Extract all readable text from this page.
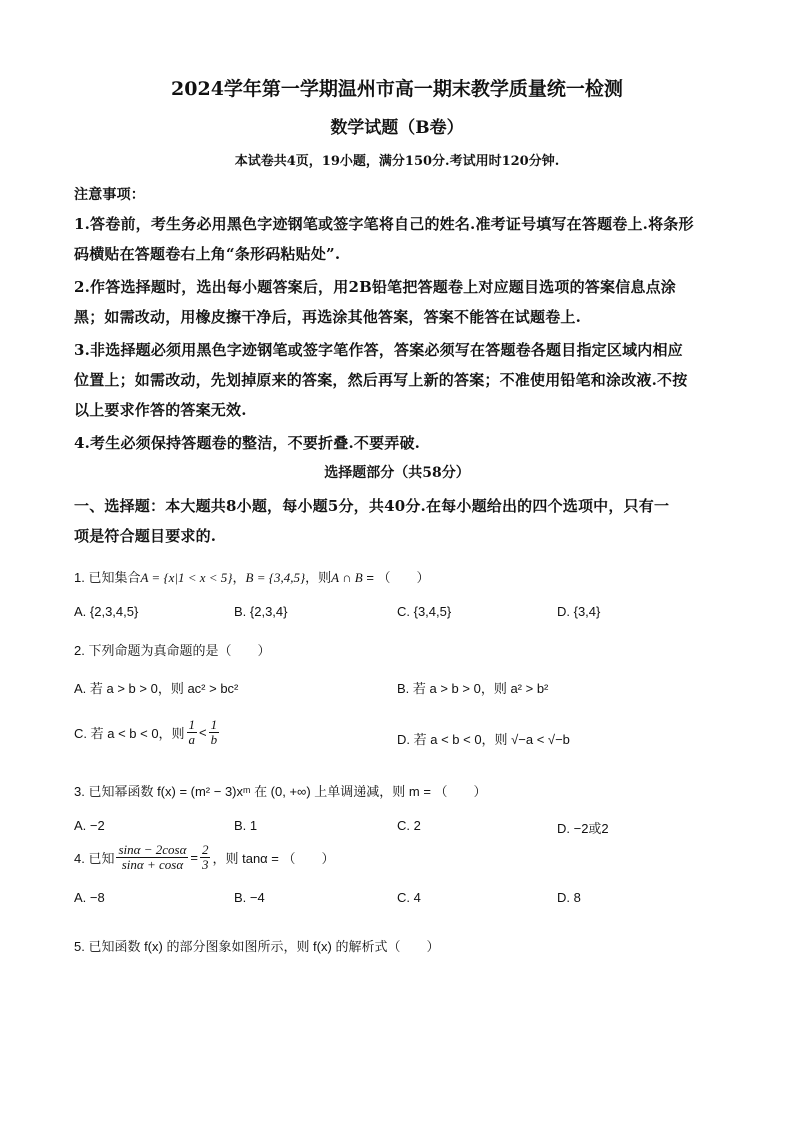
2024学年第一学期温州市高一期末教学质量统一检测
数学试题（B卷）
本试卷共4页，19小题，满分150分.考试用时120分钟.
注意事项：
1.答卷前，考生务必用黑色字迹钢笔或签字笔将自己的姓名.准考证号填写在答题卷上.将条形
码横贴在答题卷右上角“条形码粘贴处”.
2.作答选择题时，选出每小题答案后，用2B铅笔把答题卷上对应题目选项的答案信息点涂
黑；如需改动，用橡皮擦干净后，再选涂其他答案，答案不能答在试题卷上.
3.非选择题必须用黑色字迹钢笔或签字笔作答，答案必须写在答题卷各题目指定区域内相应
位置上；如需改动，先划掉原来的答案，然后再写上新的答案；不准使用铅笔和涂改液.不按
以上要求作答的答案无效.
4.考生必须保持答题卷的整洁，不要折叠.不要弄破.
选择题部分（共58分）
一、选择题：本大题共8小题，每小题5分，共40分.在每小题给出的四个选项中，只有一
项是符合题目要求的.
1. 已知集合A = {x|1 < x < 5}，B = {3,4,5}，则A ∩ B = （　　）
A. {2,3,4,5}	B. {2,3,4}	C. {3,4,5}	D. {3,4}
2. 下列命题为真命题的是（　　）
A. 若 a > b > 0，则 ac² > bc²	B. 若 a > b > 0，则 a² > b²
C. 若 a < b < 0，则 $\frac{1}{a} < \frac{1}{b}$	D. 若 a < b < 0，则 √−a < √−b
3. 已知幂函数 f(x) = (m² − 3)xᵐ 在 (0, +∞) 上单调递减，则 m = （　　）
A. −2	B. 1	C. 2	D. −2或2
4. 已知 $\frac{\sin\alpha - 2\cos\alpha}{\sin\alpha + \cos\alpha} = \frac{2}{3}$ ，则 tanα = （　　）
A. −8	B. −4	C. 4	D. 8
5. 已知函数 f(x) 的部分图象如图所示，则 f(x) 的解析式（　　）
